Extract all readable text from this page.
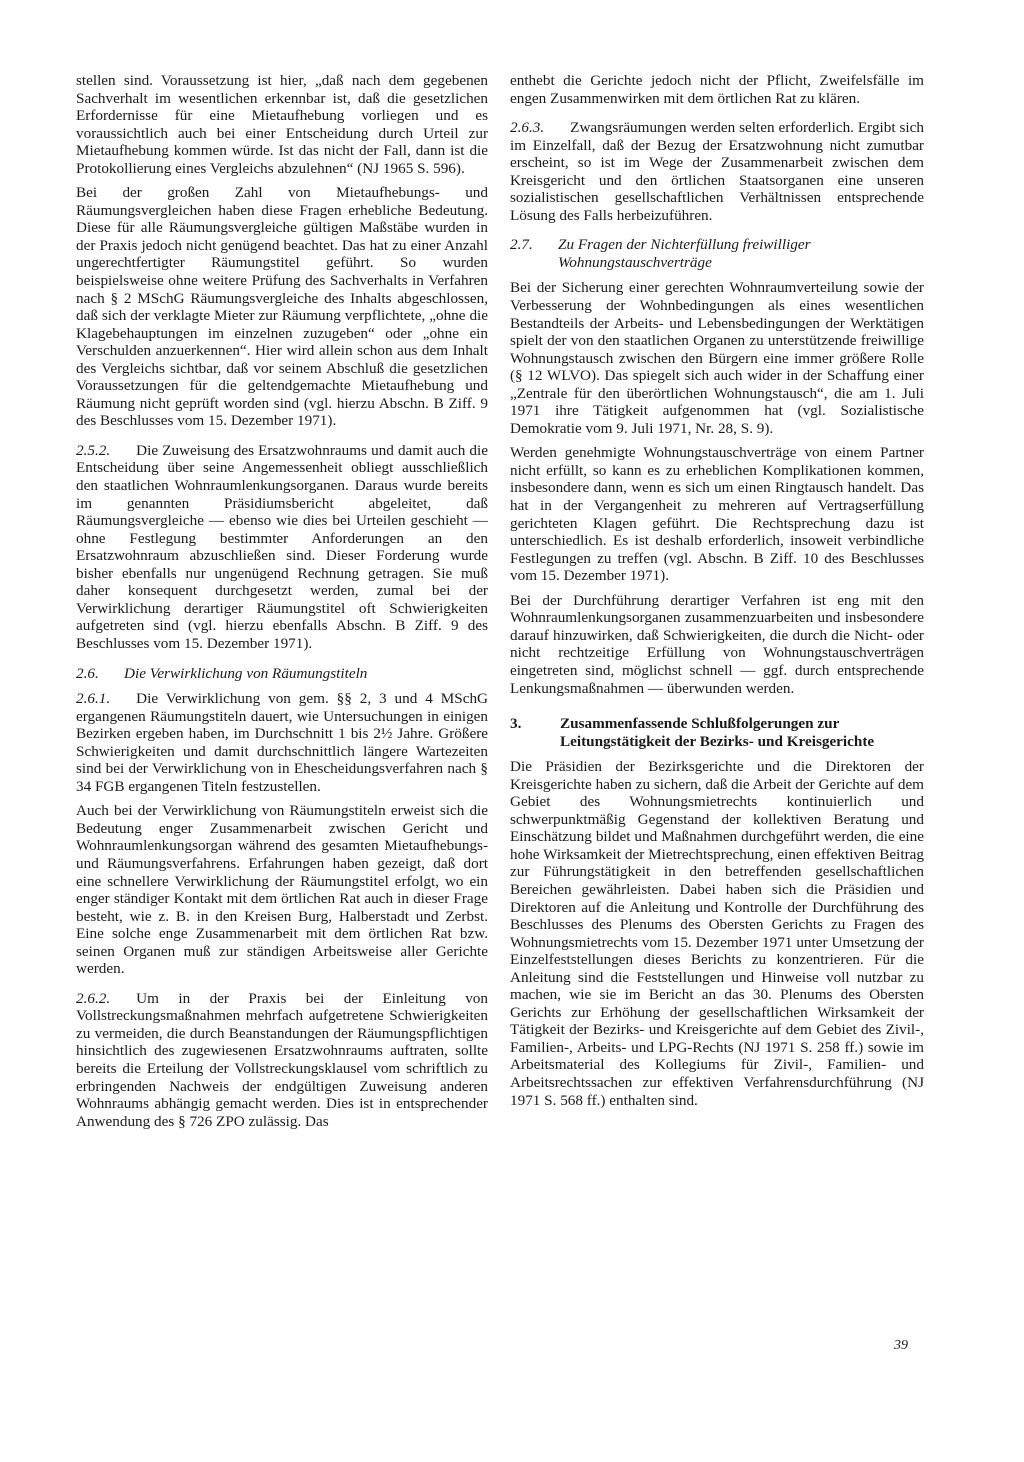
stellen sind. Voraussetzung ist hier, „daß nach dem gegebenen Sachverhalt im wesentlichen erkennbar ist, daß die gesetzlichen Erfordernisse für eine Mietaufhebung vorliegen und es voraussichtlich auch bei einer Entscheidung durch Urteil zur Mietaufhebung kommen würde. Ist das nicht der Fall, dann ist die Protokollierung eines Vergleichs abzulehnen“ (NJ 1965 S. 596).

Bei der großen Zahl von Mietaufhebungs- und Räumungsvergleichen haben diese Fragen erhebliche Bedeutung. Diese für alle Räumungsvergleiche gültigen Maßstäbe wurden in der Praxis jedoch nicht genügend beachtet. Das hat zu einer Anzahl ungerechtfertigter Räumungstitel geführt. So wurden beispielsweise ohne weitere Prüfung des Sachverhalts in Verfahren nach § 2 MSchG Räumungsvergleiche des Inhalts abgeschlossen, daß sich der verklagte Mieter zur Räumung verpflichtete, „ohne die Klagebehauptungen im einzelnen zuzugeben“ oder „ohne ein Verschulden anzuerkennen“. Hier wird allein schon aus dem Inhalt des Vergleichs sichtbar, daß vor seinem Abschluß die gesetzlichen Voraussetzungen für die geltendgemachte Mietaufhebung und Räumung nicht geprüft worden sind (vgl. hierzu Abschn. B Ziff. 9 des Beschlusses vom 15. Dezember 1971).

2.5.2. Die Zuweisung des Ersatzwohnraums und damit auch die Entscheidung über seine Angemessenheit obliegt ausschließlich den staatlichen Wohnraumlenkungsorganen. Daraus wurde bereits im genannten Präsidiumsbericht abgeleitet, daß Räumungsvergleiche — ebenso wie dies bei Urteilen geschieht — ohne Festlegung bestimmter Anforderungen an den Ersatzwohnraum abzuschließen sind. Dieser Forderung wurde bisher ebenfalls nur ungenügend Rechnung getragen. Sie muß daher konsequent durchgesetzt werden, zumal bei der Verwirklichung derartiger Räumungstitel oft Schwierigkeiten aufgetreten sind (vgl. hierzu ebenfalls Abschn. B Ziff. 9 des Beschlusses vom 15. Dezember 1971).

2.6.	Die Verwirklichung von Räumungstiteln

2.6.1. Die Verwirklichung von gem. §§ 2, 3 und 4 MSchG ergangenen Räumungstiteln dauert, wie Untersuchungen in einigen Bezirken ergeben haben, im Durchschnitt 1 bis 2½ Jahre. Größere Schwierigkeiten und damit durchschnittlich längere Wartezeiten sind bei der Verwirklichung von in Ehescheidungsverfahren nach § 34 FGB ergangenen Titeln festzustellen.

Auch bei der Verwirklichung von Räumungstiteln erweist sich die Bedeutung enger Zusammenarbeit zwischen Gericht und Wohnraumlenkungsorgan während des gesamten Mietaufhebungs- und Räumungsverfahrens. Erfahrungen haben gezeigt, daß dort eine schnellere Verwirklichung der Räumungstitel erfolgt, wo ein enger ständiger Kontakt mit dem örtlichen Rat auch in dieser Frage besteht, wie z. B. in den Kreisen Burg, Halberstadt und Zerbst. Eine solche enge Zusammenarbeit mit dem örtlichen Rat bzw. seinen Organen muß zur ständigen Arbeitsweise aller Gerichte werden.

2.6.2. Um in der Praxis bei der Einleitung von Vollstreckungsmaßnahmen mehrfach aufgetretene Schwierigkeiten zu vermeiden, die durch Beanstandungen der Räumungspflichtigen hinsichtlich des zugewiesenen Ersatzwohnraums auftraten, sollte bereits die Erteilung der Vollstreckungsklausel vom schriftlich zu erbringenden Nachweis der endgültigen Zuweisung anderen Wohnraums abhängig gemacht werden. Dies ist in entsprechender Anwendung des § 726 ZPO zulässig. Das

enthebt die Gerichte jedoch nicht der Pflicht, Zweifelsfälle im engen Zusammenwirken mit dem örtlichen Rat zu klären.

2.6.3. Zwangsräumungen werden selten erforderlich. Ergibt sich im Einzelfall, daß der Bezug der Ersatzwohnung nicht zumutbar erscheint, so ist im Wege der Zusammenarbeit zwischen dem Kreisgericht und den örtlichen Staatsorganen eine unseren sozialistischen gesellschaftlichen Verhältnissen entsprechende Lösung des Falls herbeizuführen.

2.7.	Zu Fragen der Nichterfüllung freiwilliger Wohnungstauschverträge

Bei der Sicherung einer gerechten Wohnraumverteilung sowie der Verbesserung der Wohnbedingungen als eines wesentlichen Bestandteils der Arbeits- und Lebensbedingungen der Werktätigen spielt der von den staatlichen Organen zu unterstützende freiwillige Wohnungstausch zwischen den Bürgern eine immer größere Rolle (§ 12 WLVO). Das spiegelt sich auch wider in der Schaffung einer „Zentrale für den überörtlichen Wohnungstausch“, die am 1. Juli 1971 ihre Tätigkeit aufgenommen hat (vgl. Sozialistische Demokratie vom 9. Juli 1971, Nr. 28, S. 9).

Werden genehmigte Wohnungstauschverträge von einem Partner nicht erfüllt, so kann es zu erheblichen Komplikationen kommen, insbesondere dann, wenn es sich um einen Ringtausch handelt. Das hat in der Vergangenheit zu mehreren auf Vertragserfüllung gerichteten Klagen geführt. Die Rechtsprechung dazu ist unterschiedlich. Es ist deshalb erforderlich, insoweit verbindliche Festlegungen zu treffen (vgl. Abschn. B Ziff. 10 des Beschlusses vom 15. Dezember 1971).

Bei der Durchführung derartiger Verfahren ist eng mit den Wohnraumlenkungsorganen zusammenzuarbeiten und insbesondere darauf hinzuwirken, daß Schwierigkeiten, die durch die Nicht- oder nicht rechtzeitige Erfüllung von Wohnungstauschverträgen eingetreten sind, möglichst schnell — ggf. durch entsprechende Lenkungsmaßnahmen — überwunden werden.

3.	Zusammenfassende Schlußfolgerungen zur Leitungstätigkeit der Bezirks- und Kreisgerichte

Die Präsidien der Bezirksgerichte und die Direktoren der Kreisgerichte haben zu sichern, daß die Arbeit der Gerichte auf dem Gebiet des Wohnungsmietrechts kontinuierlich und schwerpunktmäßig Gegenstand der kollektiven Beratung und Einschätzung bildet und Maßnahmen durchgeführt werden, die eine hohe Wirksamkeit der Mietrechtsprechung, einen effektiven Beitrag zur Führungstätigkeit in den betreffenden gesellschaftlichen Bereichen gewährleisten. Dabei haben sich die Präsidien und Direktoren auf die Anleitung und Kontrolle der Durchführung des Beschlusses des Plenums des Obersten Gerichts zu Fragen des Wohnungsmietrechts vom 15. Dezember 1971 unter Umsetzung der Einzelfeststellungen dieses Berichts zu konzentrieren. Für die Anleitung sind die Feststellungen und Hinweise voll nutzbar zu machen, wie sie im Bericht an das 30. Plenums des Obersten Gerichts zur Erhöhung der gesellschaftlichen Wirksamkeit der Tätigkeit der Bezirks- und Kreisgerichte auf dem Gebiet des Zivil-, Familien-, Arbeits- und LPG-Rechts (NJ 1971 S. 258 ff.) sowie im Arbeitsmaterial des Kollegiums für Zivil-, Familien- und Arbeitsrechtssachen zur effektiven Verfahrensdurchführung (NJ 1971 S. 568 ff.) enthalten sind.

39
